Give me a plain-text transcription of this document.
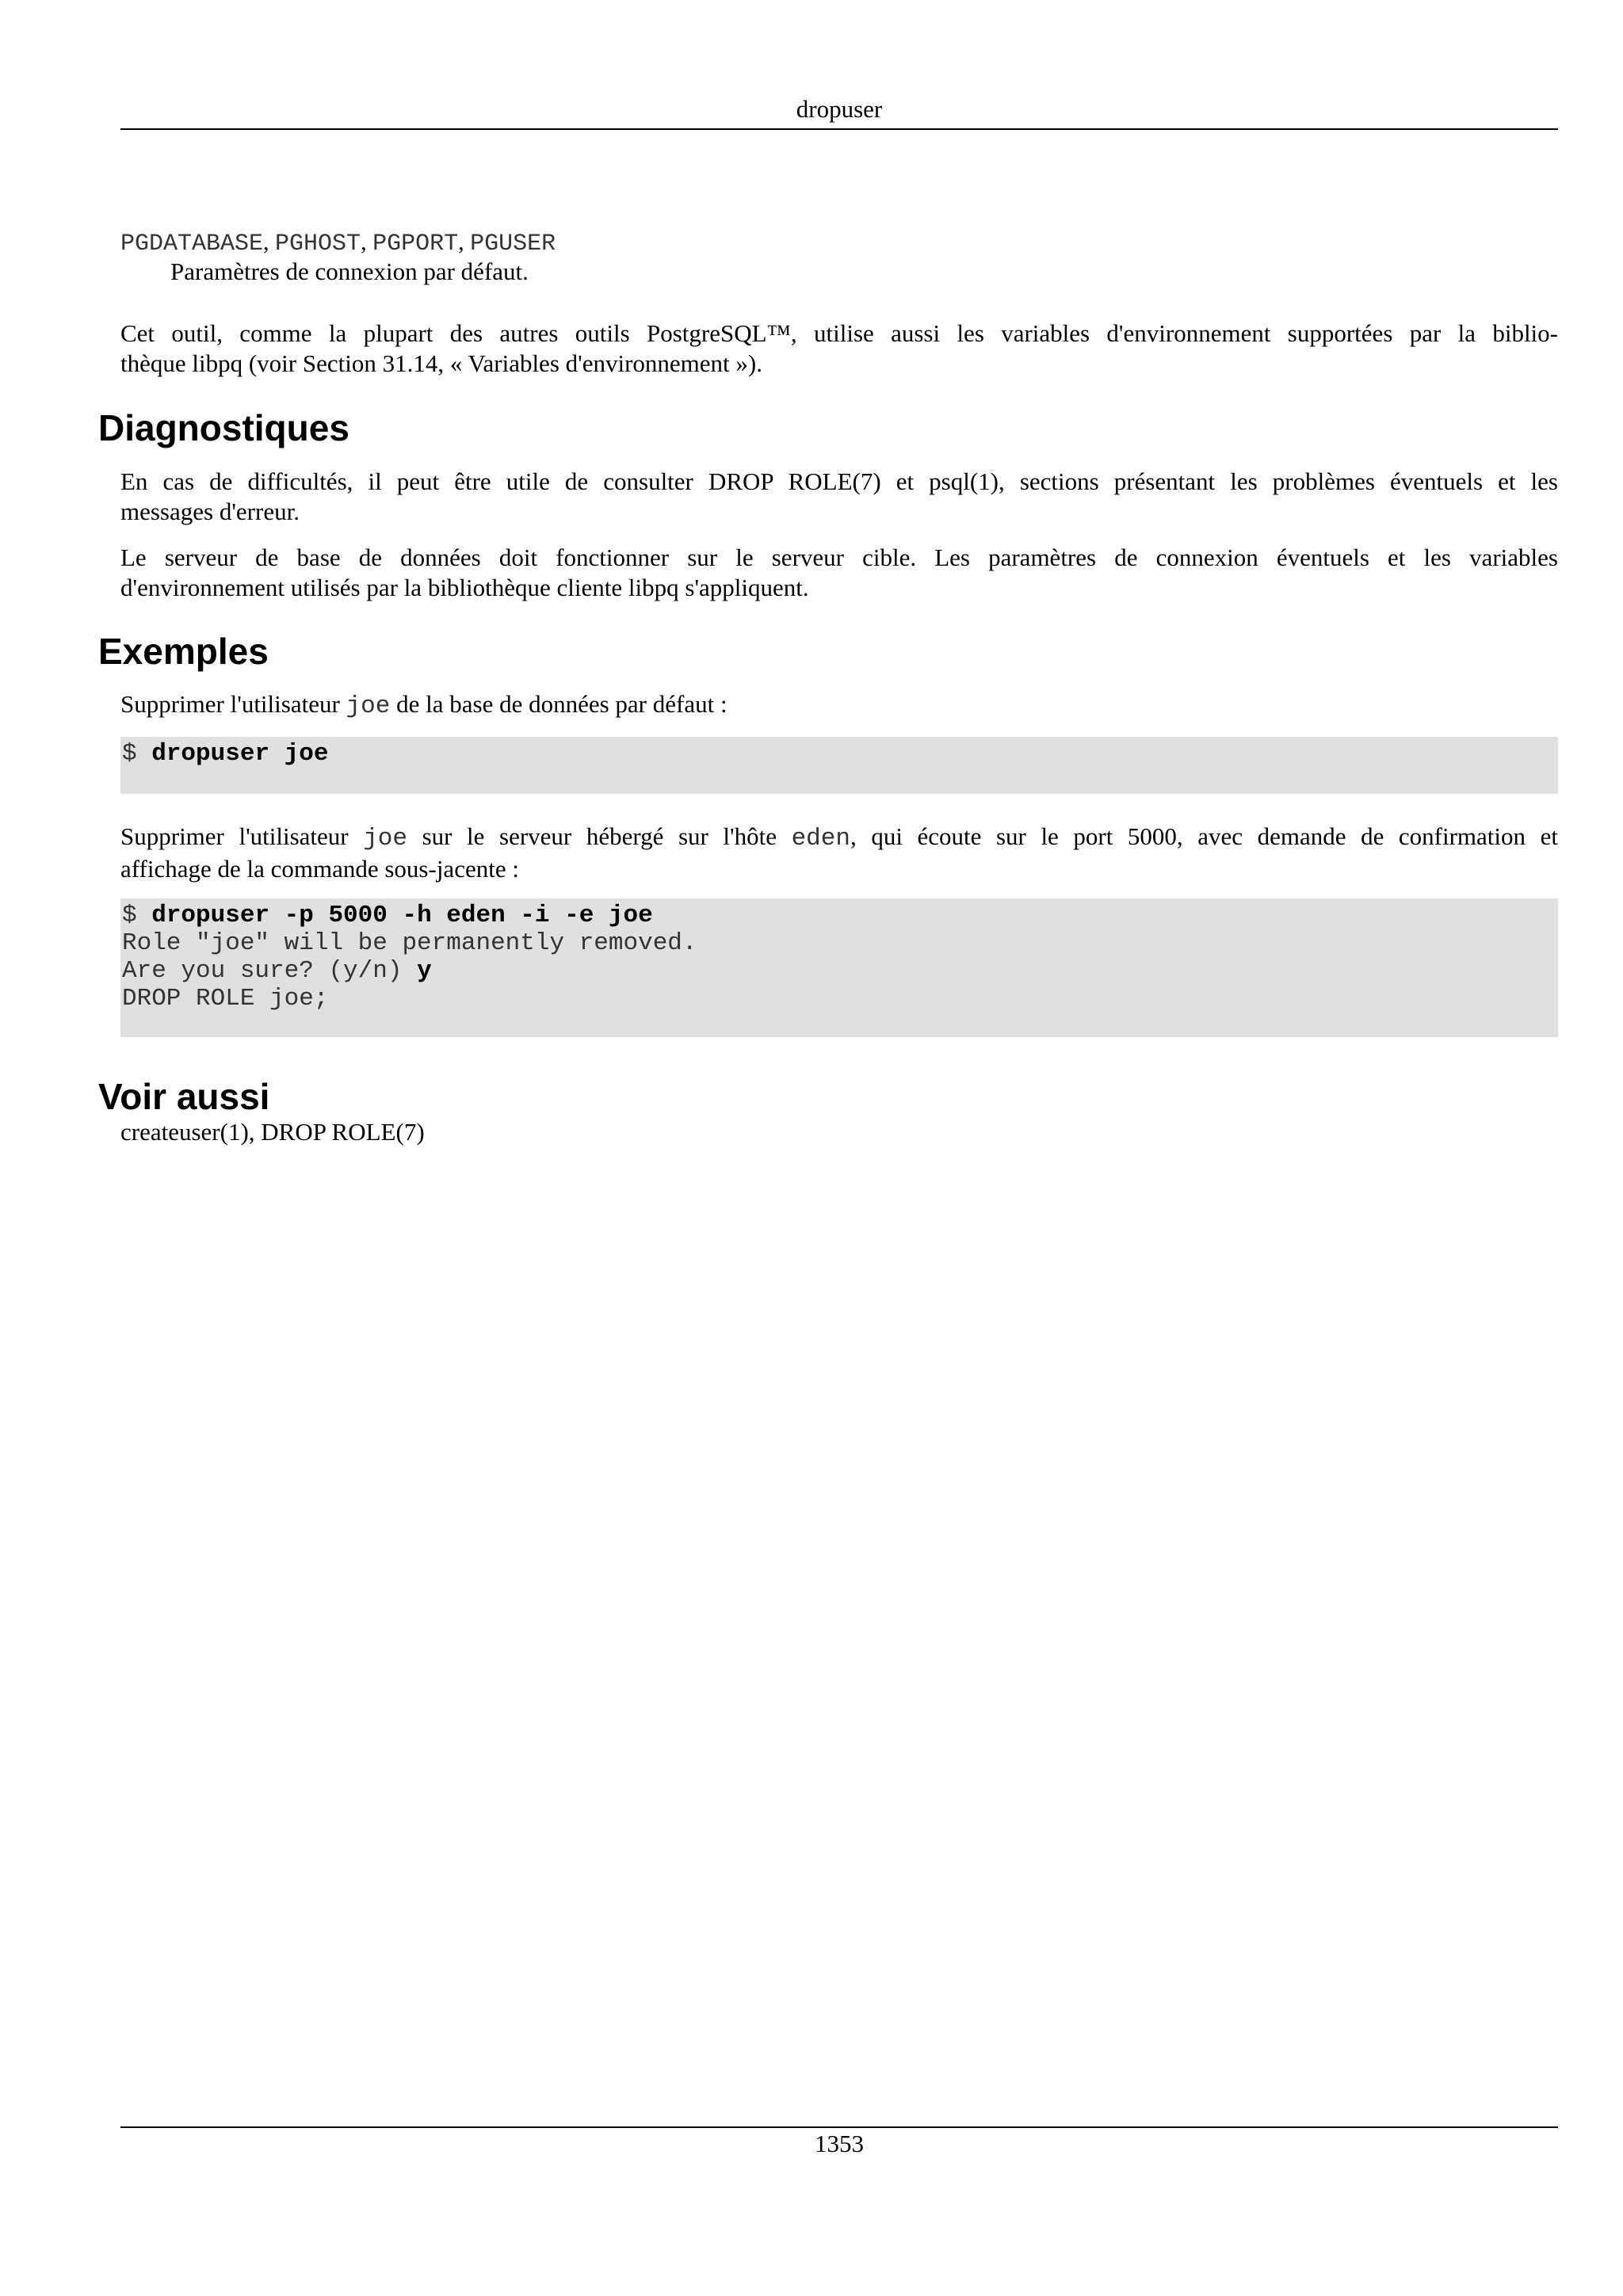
dropuser
PGDATABASE, PGHOST, PGPORT, PGUSER
Paramètres de connexion par défaut.
Cet outil, comme la plupart des autres outils PostgreSQL™, utilise aussi les variables d'environnement supportées par la biblio-
thèque libpq (voir Section 31.14, « Variables d'environnement »).
Diagnostiques
En cas de difficultés, il peut être utile de consulter DROP ROLE(7) et psql(1), sections présentant les problèmes éventuels et les
messages d'erreur.
Le serveur de base de données doit fonctionner sur le serveur cible. Les paramètres de connexion éventuels et les variables
d'environnement utilisés par la bibliothèque cliente libpq s'appliquent.
Exemples
Supprimer l'utilisateur joe de la base de données par défaut :
$ dropuser joe
Supprimer l'utilisateur joe sur le serveur hébergé sur l'hôte eden, qui écoute sur le port 5000, avec demande de confirmation et
affichage de la commande sous-jacente :
$ dropuser -p 5000 -h eden -i -e joe
Role "joe" will be permanently removed.
Are you sure? (y/n) y
DROP ROLE joe;
Voir aussi
createuser(1), DROP ROLE(7)
1353
